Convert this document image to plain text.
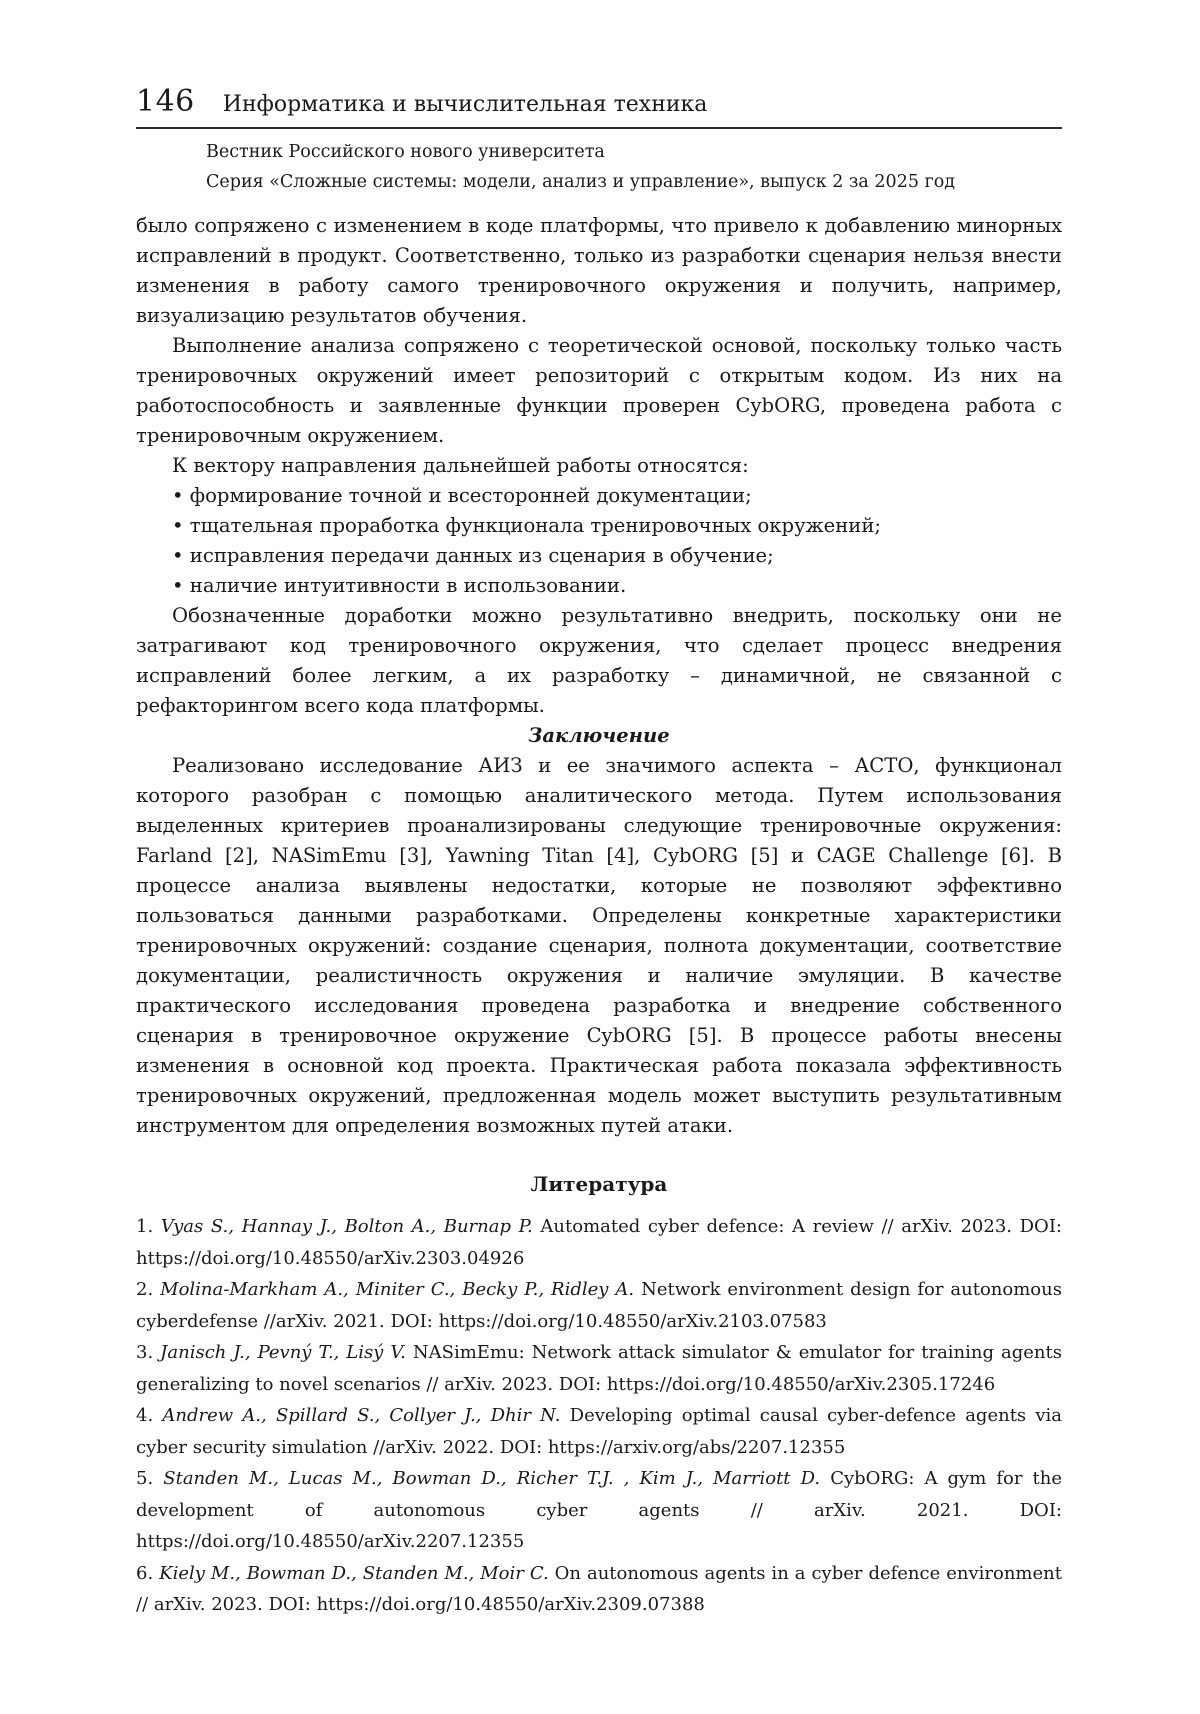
146 Информатика и вычислительная техника
Вестник Российского нового университета
Серия «Сложные системы: модели, анализ и управление», выпуск 2 за 2025 год

было сопряжено с изменением в коде платформы, что привело к добавлению минорных исправлений в продукт. Соответственно, только из разработки сценария нельзя внести изменения в работу самого тренировочного окружения и получить, например, визуализацию результатов обучения.

Выполнение анализа сопряжено с теоретической основой, поскольку только часть тренировочных окружений имеет репозиторий с открытым кодом. Из них на работоспособность и заявленные функции проверен CybORG, проведена работа с тренировочным окружением.

К вектору направления дальнейшей работы относятся:

• формирование точной и всесторонней документации;
• тщательная проработка функционала тренировочных окружений;
• исправления передачи данных из сценария в обучение;
• наличие интуитивности в использовании.

Обозначенные доработки можно результативно внедрить, поскольку они не затрагивают код тренировочного окружения, что сделает процесс внедрения исправлений более легким, а их разработку – динамичной, не связанной с рефакторингом всего кода платформы.

Заключение

Реализовано исследование АИЗ и ее значимого аспекта – АСТО, функционал которого разобран с помощью аналитического метода. Путем использования выделенных критериев проанализированы следующие тренировочные окружения: Farland [2], NASimEmu [3], Yawning Titan [4], CybORG [5] и CAGE Challenge [6]. В процессе анализа выявлены недостатки, которые не позволяют эффективно пользоваться данными разработками. Определены конкретные характеристики тренировочных окружений: создание сценария, полнота документации, соответствие документации, реалистичность окружения и наличие эмуляции. В качестве практического исследования проведена разработка и внедрение собственного сценария в тренировочное окружение CybORG [5]. В процессе работы внесены изменения в основной код проекта. Практическая работа показала эффективность тренировочных окружений, предложенная модель может выступить результативным инструментом для определения возможных путей атаки.

Литература

1. Vyas S., Hannay J., Bolton A., Burnap P. Automated cyber defence: A review // arXiv. 2023. DOI: https://doi.org/10.48550/arXiv.2303.04926

2. Molina-Markham A., Miniter C., Becky P., Ridley A. Network environment design for autonomous cyberdefense //arXiv. 2021. DOI: https://doi.org/10.48550/arXiv.2103.07583

3. Janisch J., Pevný T., Lisý V. NASimEmu: Network attack simulator & emulator for training agents generalizing to novel scenarios // arXiv. 2023. DOI: https://doi.org/10.48550/arXiv.2305.17246

4. Andrew A., Spillard S., Collyer J., Dhir N. Developing optimal causal cyber-defence agents via cyber security simulation //arXiv. 2022. DOI: https://arxiv.org/abs/2207.12355

5. Standen M., Lucas M., Bowman D., Richer T.J. , Kim J., Marriott D. CybORG: A gym for the development of autonomous cyber agents // arXiv. 2021. DOI: https://doi.org/10.48550/arXiv.2207.12355

6. Kiely M., Bowman D., Standen M., Moir C. On autonomous agents in a cyber defence environment // arXiv. 2023. DOI: https://doi.org/10.48550/arXiv.2309.07388
